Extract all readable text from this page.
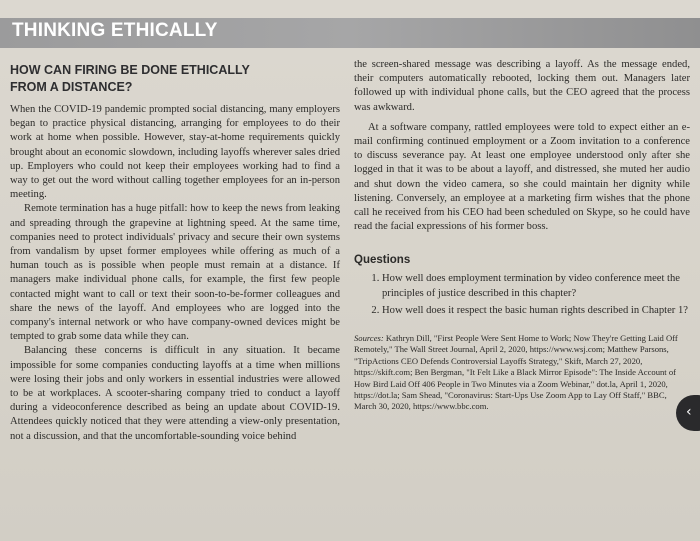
THINKING ETHICALLY
HOW CAN FIRING BE DONE ETHICALLY
FROM A DISTANCE?

When the COVID-19 pandemic prompted social distancing, many employers began to practice physical distancing, arranging for employees to do their work at home when possible. However, stay-at-home requirements quickly brought about an economic slowdown, including layoffs wherever sales dried up. Employers who could not keep their employees working had to find a way to get out the word without calling together employees for an in-person meeting.

Remote termination has a huge pitfall: how to keep the news from leaking and spreading through the grapevine at lightning speed. At the same time, companies need to protect individuals' privacy and secure their own systems from vandalism by upset former employees while offering as much of a human touch as is possible when people must remain at a distance. If managers make individual phone calls, for example, the first few people contacted might want to call or text their soon-to-be-former colleagues and share the news of the layoff. And employees who are logged into the company's internal network or who have company-owned devices might be tempted to grab some data while they can.

Balancing these concerns is difficult in any situation. It became impossible for some companies conducting layoffs at a time when millions were losing their jobs and only workers in essential industries were allowed to be at workplaces. A scooter-sharing company tried to conduct a layoff during a videoconference described as being an update about COVID-19. Attendees quickly noticed that they were attending a view-only presentation, not a discussion, and that the uncomfortable-sounding voice behind

the screen-shared message was describing a layoff. As the message ended, their computers automatically rebooted, locking them out. Managers later followed up with individual phone calls, but the CEO agreed that the process was awkward.

At a software company, rattled employees were told to expect either an e-mail confirming continued employment or a Zoom invitation to a conference to discuss severance pay. At least one employee understood only after she logged in that it was to be about a layoff, and distressed, she muted her audio and shut down the video camera, so she could maintain her dignity while listening. Conversely, an employee at a marketing firm wishes that the phone call he received from his CEO had been scheduled on Skype, so he could have read the facial expressions of his former boss.

Questions
1. How well does employment termination by video conference meet the principles of justice described in this chapter?
2. How well does it respect the basic human rights described in Chapter 1?

Sources: Kathryn Dill, "First People Were Sent Home to Work; Now They're Getting Laid Off Remotely," The Wall Street Journal, April 2, 2020, https://www.wsj.com; Matthew Parsons, "TripActions CEO Defends Controversial Layoffs Strategy," Skift, March 27, 2020, https://skift.com; Ben Bergman, "It Felt Like a Black Mirror Episode": The Inside Account of How Bird Laid Off 406 People in Two Minutes via a Zoom Webinar," dot.la, April 1, 2020, https://dot.la; Sam Shead, "Coronavirus: Start-Ups Use Zoom App to Lay Off Staff," BBC, March 30, 2020, https://www.bbc.com.	‹
